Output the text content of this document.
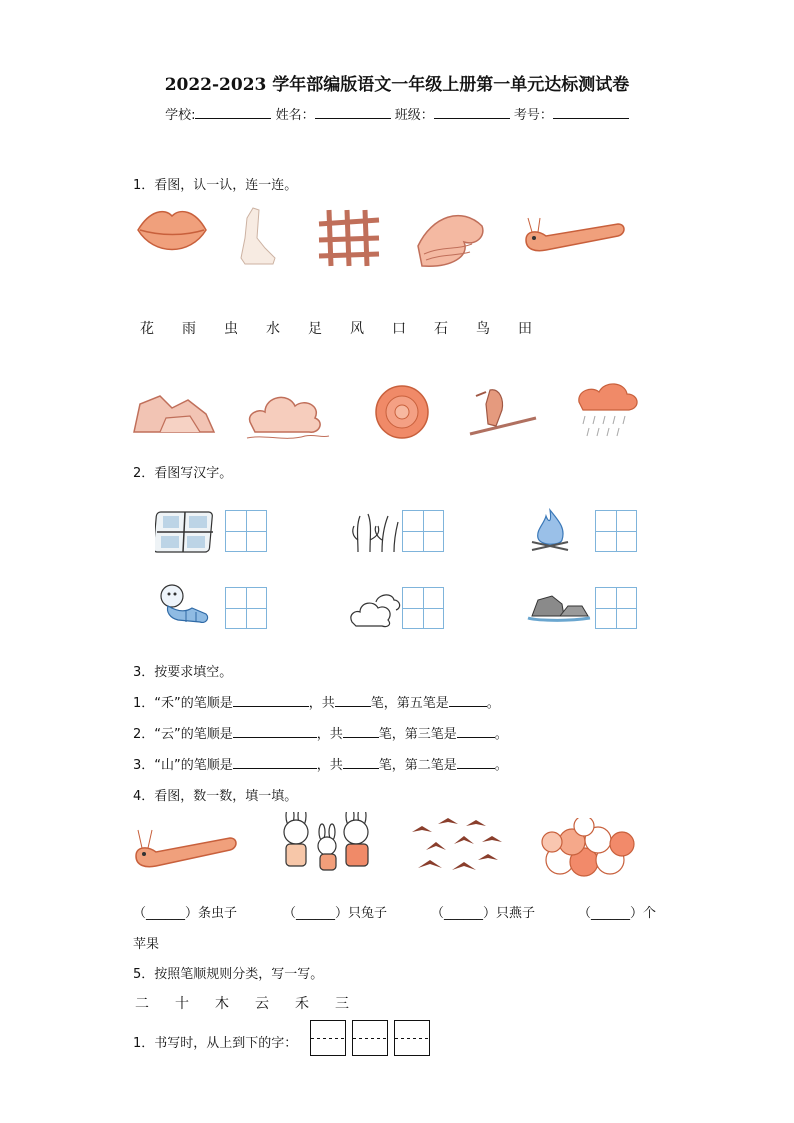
2022-2023 学年部编版语文一年级上册第一单元达标测试卷
学校:	姓名：	班级：	考号：
1．看图，认一认，连一连。
花 雨 虫 水 足 风 口 石 鸟 田
2．看图写汉字。
3．按要求填空。
1．“禾”的笔顺是	，共	笔，第五笔是	。
2．“云”的笔顺是	，共	笔，第三笔是	。
3．“山”的笔顺是	，共	笔，第二笔是	。
4．看图，数一数，填一填。
（______）条虫子	（______）只兔子	（______）只燕子	（______）个
苹果
5．按照笔顺规则分类，写一写。
二 十 木 云 禾 三
1．书写时，从上到下的字：
